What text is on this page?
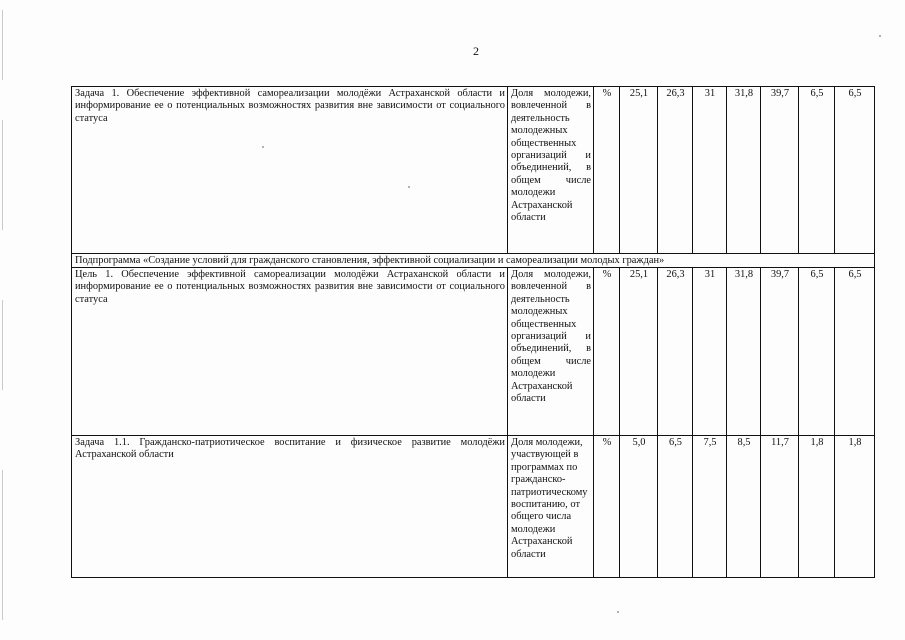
2
Задача 1. Обеспечение эффективной самореализации молодёжи Астраханской области и информирование ее о потенциальных возможностях развития вне зависимости от социального статуса	Доля молодежи, вовлеченной в деятельность молодежных общественных организаций и объединений, в общем числе молодежи Астраханской области	%	25,1	26,3	31	31,8	39,7	6,5	6,5
Подпрограмма «Создание условий для гражданского становления, эффективной социализации и самореализации молодых граждан»									
Цель 1. Обеспечение эффективной самореализации молодёжи Астраханской области и информирование ее о потенциальных возможностях развития вне зависимости от социального статуса	Доля молодежи, вовлеченной в деятельность молодежных общественных организаций и объединений, в общем числе молодежи Астраханской области	%	25,1	26,3	31	31,8	39,7	6,5	6,5
Задача 1.1. Гражданско-патриотическое воспитание и физическое развитие молодёжи Астраханской области	Доля молодежи, участвующей в программах по гражданско-патриотическому воспитанию, от общего числа молодежи Астраханской области	%	5,0	6,5	7,5	8,5	11,7	1,8	1,8
